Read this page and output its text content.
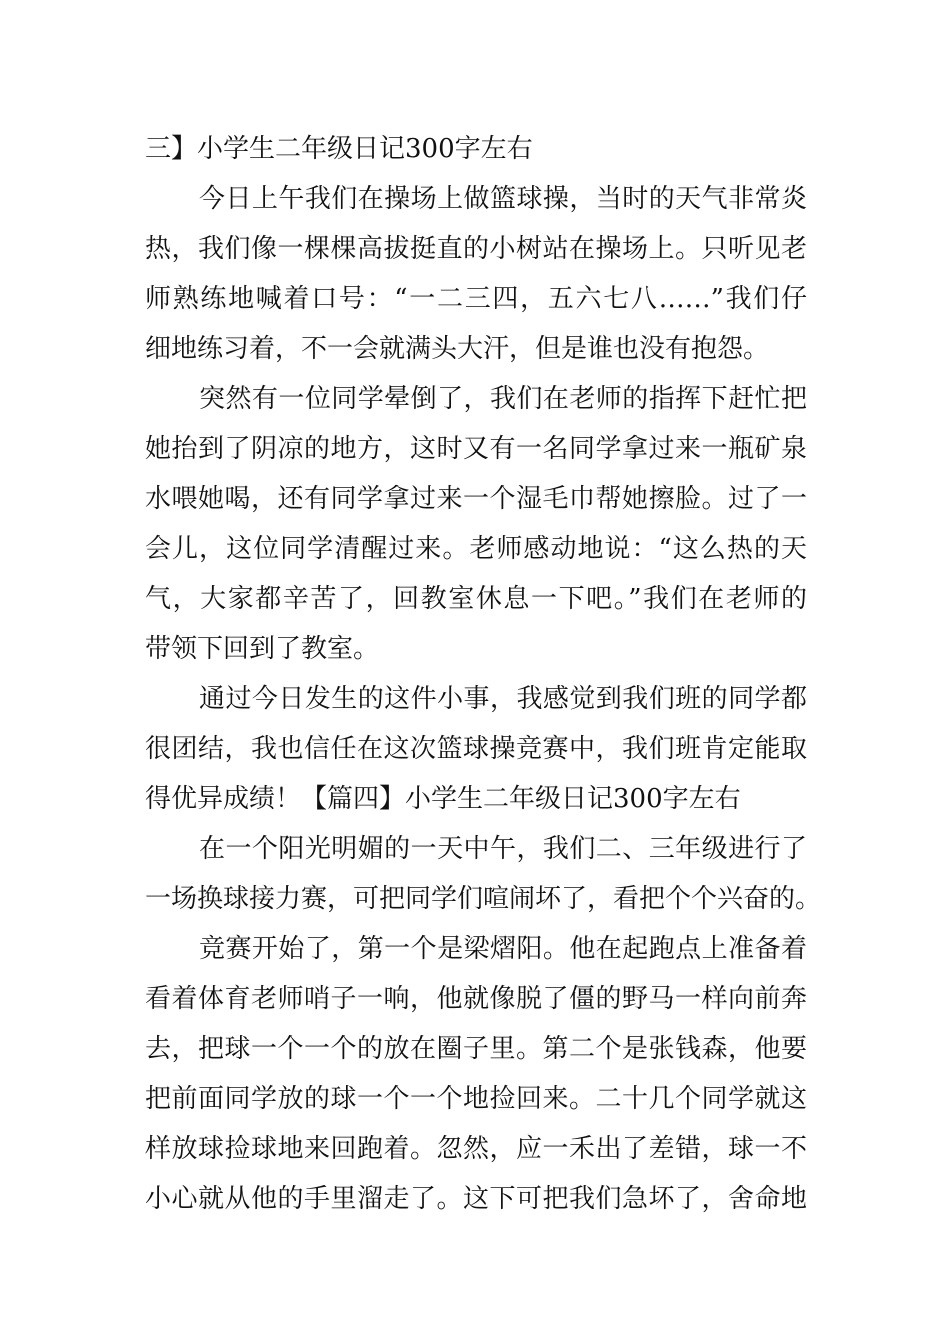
三】小学生二年级日记300字左右
今日上午我们在操场上做篮球操，当时的天气非常炎
热，我们像一棵棵高拔挺直的小树站在操场上。只听见老
师熟练地喊着口号：“一二三四，五六七八……”我们仔
细地练习着，不一会就满头大汗，但是谁也没有抱怨。
突然有一位同学晕倒了，我们在老师的指挥下赶忙把
她抬到了阴凉的地方，这时又有一名同学拿过来一瓶矿泉
水喂她喝，还有同学拿过来一个湿毛巾帮她擦脸。过了一
会儿，这位同学清醒过来。老师感动地说：“这么热的天
气，大家都辛苦了，回教室休息一下吧。”我们在老师的
带领下回到了教室。
通过今日发生的这件小事，我感觉到我们班的同学都
很团结，我也信任在这次篮球操竞赛中，我们班肯定能取
得优异成绩！【篇四】小学生二年级日记300字左右
在一个阳光明媚的一天中午，我们二、三年级进行了
一场换球接力赛，可把同学们喧闹坏了，看把个个兴奋的。
竞赛开始了，第一个是梁熠阳。他在起跑点上准备着
看着体育老师哨子一响，他就像脱了僵的野马一样向前奔
去，把球一个一个的放在圈子里。第二个是张钱森，他要
把前面同学放的球一个一个地捡回来。二十几个同学就这
样放球捡球地来回跑着。忽然，应一禾出了差错，球一不
小心就从他的手里溜走了。这下可把我们急坏了，舍命地
